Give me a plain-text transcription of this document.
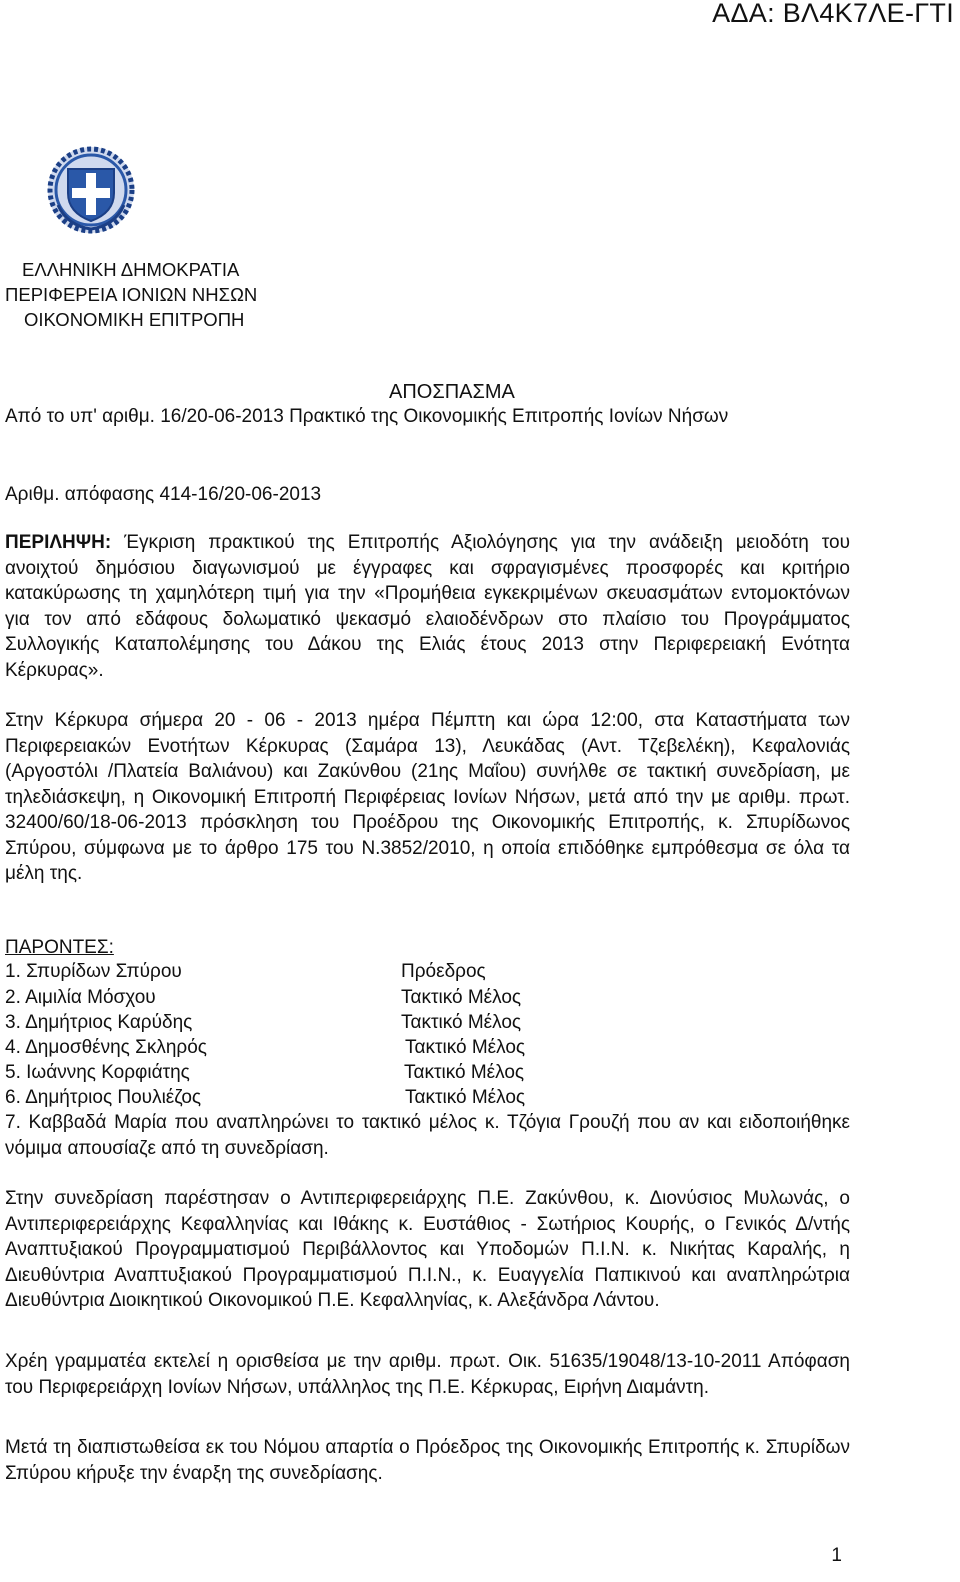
ΑΔΑ: ΒΛ4Κ7ΛΕ-ΓΤΙ
ΕΛΛΗΝΙΚΗ ΔΗΜΟΚΡΑΤΙΑ
ΠΕΡΙΦΕΡΕΙΑ ΙΟΝΙΩΝ ΝΗΣΩΝ
ΟΙΚΟΝΟΜΙΚΗ ΕΠΙΤΡΟΠΗ
ΑΠΟΣΠΑΣΜΑ
Από το υπ' αριθμ. 16/20-06-2013 Πρακτικό της Οικονομικής Επιτροπής Ιονίων Νήσων
Αριθμ. απόφασης 414-16/20-06-2013
ΠΕΡΙΛΗΨΗ: Έγκριση πρακτικού της Επιτροπής Αξιολόγησης για την ανάδειξη μειοδότη του ανοιχτού δημόσιου διαγωνισμού με έγγραφες και σφραγισμένες προσφορές και κριτήριο κατακύρωσης τη χαμηλότερη τιμή για την «Προμήθεια εγκεκριμένων σκευασμάτων εντομοκτόνων για τον από εδάφους δολωματικό ψεκασμό ελαιοδένδρων στο πλαίσιο του Προγράμματος Συλλογικής Καταπολέμησης του Δάκου της Ελιάς έτους 2013 στην Περιφερειακή Ενότητα Κέρκυρας».
Στην Κέρκυρα σήμερα 20 - 06 - 2013 ημέρα Πέμπτη και ώρα 12:00, στα Καταστήματα των Περιφερειακών Ενοτήτων Κέρκυρας (Σαμάρα 13), Λευκάδας (Αντ. Τζεβελέκη), Κεφαλονιάς (Αργοστόλι /Πλατεία Βαλιάνου) και Ζακύνθου (21ης Μαΐου) συνήλθε σε τακτική συνεδρίαση, με τηλεδιάσκεψη, η Οικονομική Επιτροπή Περιφέρειας Ιονίων Νήσων, μετά από την με αριθμ. πρωτ. 32400/60/18-06-2013 πρόσκληση του Προέδρου της Οικονομικής Επιτροπής, κ. Σπυρίδωνος Σπύρου, σύμφωνα με το άρθρο 175 του Ν.3852/2010, η οποία επιδόθηκε εμπρόθεσμα σε όλα τα μέλη της.
ΠΑΡΟΝΤΕΣ:
1. Σπυρίδων Σπύρου	Πρόεδρος
2. Αιμιλία Μόσχου	Τακτικό Μέλος
3. Δημήτριος Καρύδης	Τακτικό Μέλος
4. Δημοσθένης Σκληρός	Τακτικό Μέλος
5. Ιωάννης Κορφιάτης	Τακτικό Μέλος
6. Δημήτριος Πουλιέζος	Τακτικό Μέλος
7. Καββαδά Μαρία που αναπληρώνει το τακτικό μέλος κ. Τζόγια Γρουζή που αν και ειδοποιήθηκε νόμιμα απουσίαζε από τη συνεδρίαση.
Στην συνεδρίαση παρέστησαν ο Αντιπεριφερειάρχης Π.Ε. Ζακύνθου, κ. Διονύσιος Μυλωνάς, ο Αντιπεριφερειάρχης Κεφαλληνίας και Ιθάκης κ. Ευστάθιος - Σωτήριος Κουρής, ο Γενικός Δ/ντής Αναπτυξιακού Προγραμματισμού Περιβάλλοντος και Υποδομών Π.Ι.Ν. κ. Νικήτας Καραλής, η Διευθύντρια Αναπτυξιακού Προγραμματισμού Π.Ι.Ν., κ. Ευαγγελία Παπικινού και αναπληρώτρια Διευθύντρια Διοικητικού Οικονομικού Π.Ε. Κεφαλληνίας, κ. Αλεξάνδρα Λάντου.
Χρέη γραμματέα εκτελεί η ορισθείσα με την αριθμ. πρωτ. Οικ. 51635/19048/13-10-2011 Απόφαση του Περιφερειάρχη Ιονίων Νήσων, υπάλληλος της Π.Ε. Κέρκυρας, Ειρήνη Διαμάντη.
Μετά τη διαπιστωθείσα εκ του Νόμου απαρτία ο Πρόεδρος της Οικονομικής Επιτροπής κ. Σπυρίδων Σπύρου κήρυξε την έναρξη της συνεδρίασης.
1
